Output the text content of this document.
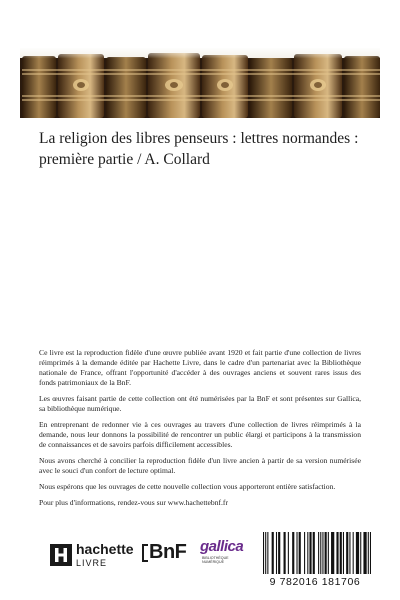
La religion des libres penseurs : lettres normandes : première partie / A. Collard

Ce livre est la reproduction fidèle d'une œuvre publiée avant 1920 et fait partie d'une collection de livres réimprimés à la demande éditée par Hachette Livre, dans le cadre d'un partenariat avec la Bibliothèque nationale de France, offrant l'opportunité d'accéder à des ouvrages anciens et souvent rares issus des fonds patrimoniaux de la BnF.

Les œuvres faisant partie de cette collection ont été numérisées par la BnF et sont présentes sur Gallica, sa bibliothèque numérique.

En entreprenant de redonner vie à ces ouvrages au travers d'une collection de livres réimprimés à la demande, nous leur donnons la possibilité de rencontrer un public élargi et participons à la transmission de connaissances et de savoirs parfois difficilement accessibles.

Nous avons cherché à concilier la reproduction fidèle d'un livre ancien à partir de sa version numérisée avec le souci d'un confort de lecture optimal.

Nous espérons que les ouvrages de cette nouvelle collection vous apporteront entière satisfaction.

Pour plus d'informations, rendez-vous sur www.hachettebnf.fr

hachette
LIVRE BnF gallica
BIBLIOTHÈQUE NUMÉRIQUE
9 782016 181706
